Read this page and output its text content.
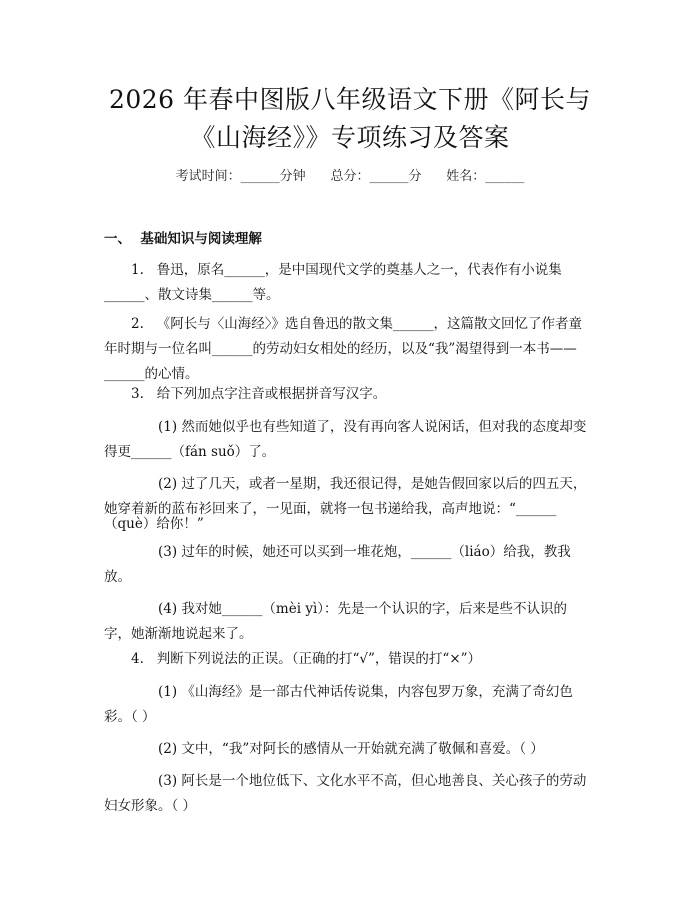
2026 年春中图版八年级语文下册《阿长与
《山海经》》专项练习及答案
考试时间：______分钟 总分：______分 姓名：______
一、  基础知识与阅读理解

1. 鲁迅，原名______，是中国现代文学的奠基人之一，代表作有小说集

______、散文诗集______等。

2. 《阿长与〈山海经〉》选自鲁迅的散文集______，这篇散文回忆了作者童

年时期与一位名叫______的劳动妇女相处的经历，以及“我”渴望得到一本书——

______的心情。

3. 给下列加点字注音或根据拼音写汉字。

(1) 然而她似乎也有些知道了，没有再向客人说闲话，但对我的态度却变

得更______（fán suǒ）了。

(2) 过了几天，或者一星期，我还很记得，是她告假回家以后的四五天，

她穿着新的蓝布衫回来了，一见面，就将一包书递给我，高声地说：“______

（què）给你！”

(3) 过年的时候，她还可以买到一堆花炮，______（liáo）给我，教我

放。

(4) 我对她______（mèi yì）：先是一个认识的字，后来是些不认识的

字，她渐渐地说起来了。

4. 判断下列说法的正误。（正确的打“√”，错误的打“×”）

(1) 《山海经》是一部古代神话传说集，内容包罗万象，充满了奇幻色

彩。（ ）

(2) 文中，“我”对阿长的感情从一开始就充满了敬佩和喜爱。（ ）

(3) 阿长是一个地位低下、文化水平不高，但心地善良、关心孩子的劳动

妇女形象。（ ）
